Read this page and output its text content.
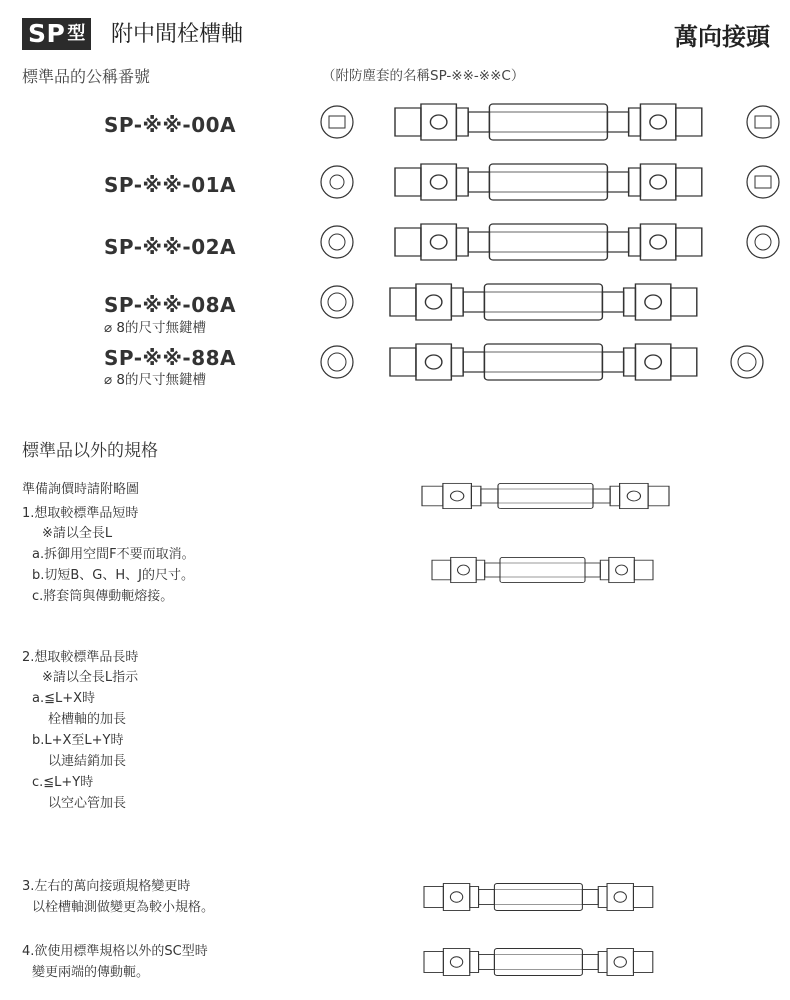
SP 型 附中間栓槽軸	萬向接頭
標準品的公稱番號	（附防塵套的名稱SP-※※-※※C）
SP-※※-00A
SP-※※-01A
SP-※※-02A
SP-※※-08A
⌀ 8的尺寸無鍵槽
SP-※※-88A
⌀ 8的尺寸無鍵槽
標準品以外的規格
準備詢價時請附略圖
1.想取較標準品短時
※請以全長L
a.拆御用空間F不要而取消。
b.切短B、G、H、J的尺寸。
c.將套筒與傳動軛熔接。
2.想取較標準品長時
※請以全長L指示
a.≦L+X時
栓槽軸的加長
b.L+X至L+Y時
以連結銷加長
c.≦L+Y時
以空心管加長
3.左右的萬向接頭規格變更時
以栓槽軸測做變更為較小規格。
4.欲使用標準規格以外的SC型時
變更兩端的傳動軛。
